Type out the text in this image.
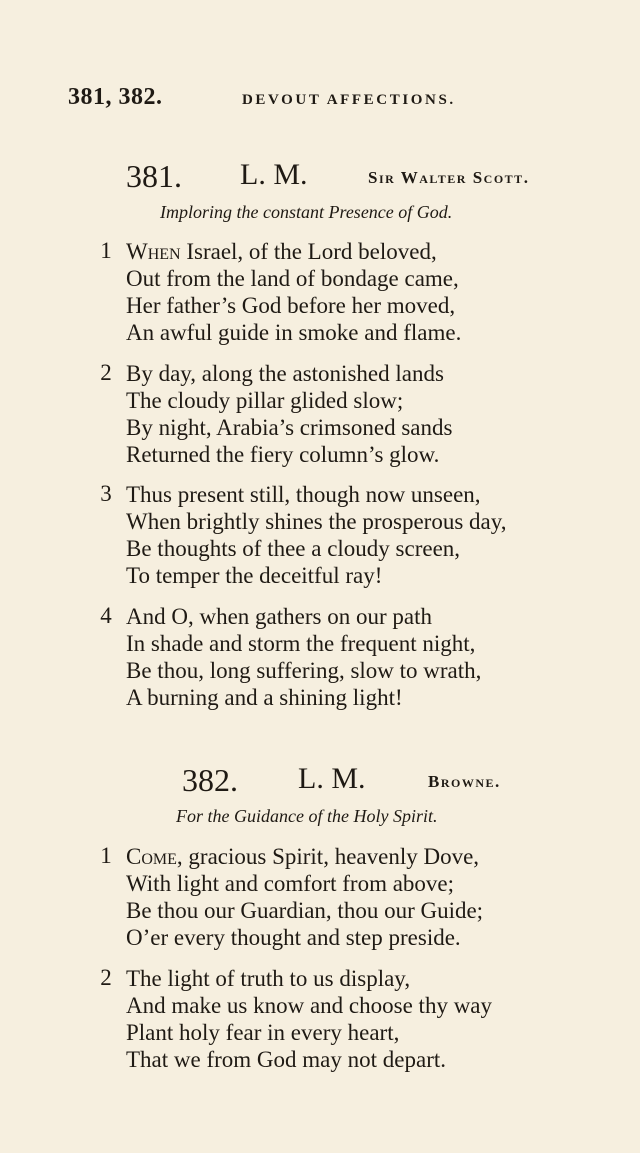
381, 382.	DEVOUT AFFECTIONS.
381. L. M.	Sir Walter Scott.
Imploring the constant Presence of God.
1 When Israel, of the Lord beloved,
Out from the land of bondage came,
Her father’s God before her moved,
An awful guide in smoke and flame.
2 By day, along the astonished lands
The cloudy pillar glided slow;
By night, Arabia’s crimsoned sands
Returned the fiery column’s glow.
3 Thus present still, though now unseen,
When brightly shines the prosperous day,
Be thoughts of thee a cloudy screen,
To temper the deceitful ray!
4 And O, when gathers on our path
In shade and storm the frequent night,
Be thou, long suffering, slow to wrath,
A burning and a shining light!
382. L. M.	Browne.
For the Guidance of the Holy Spirit.
1 Come, gracious Spirit, heavenly Dove,
With light and comfort from above;
Be thou our Guardian, thou our Guide;
O’er every thought and step preside.
2 The light of truth to us display,
And make us know and choose thy way
Plant holy fear in every heart,
That we from God may not depart.
